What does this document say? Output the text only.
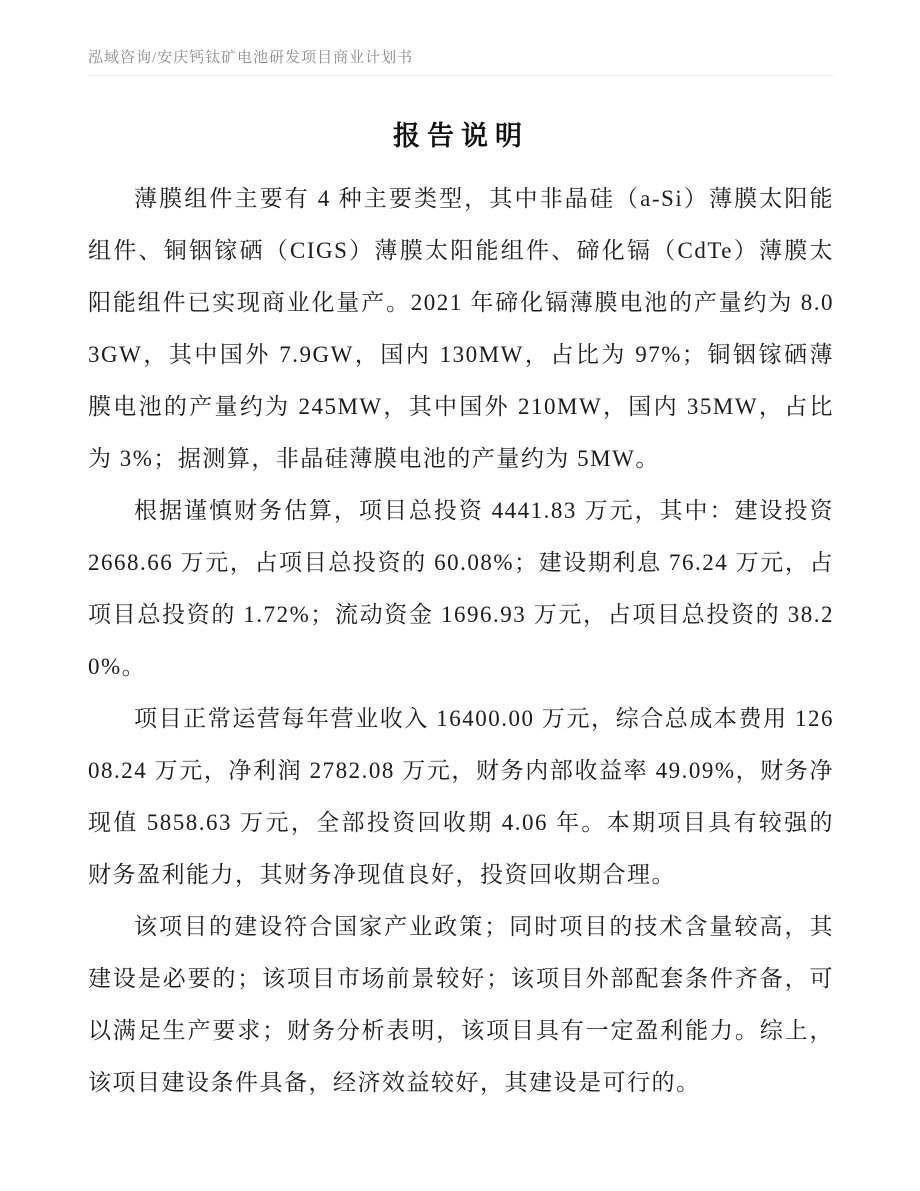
泓域咨询/安庆钙钛矿电池研发项目商业计划书
报告说明

薄膜组件主要有 4 种主要类型，其中非晶硅（a-Si）薄膜太阳能组件、铜铟镓硒（CIGS）薄膜太阳能组件、碲化镉（CdTe）薄膜太阳能组件已实现商业化量产。2021 年碲化镉薄膜电池的产量约为 8.03GW，其中国外 7.9GW，国内 130MW，占比为 97%；铜铟镓硒薄膜电池的产量约为 245MW，其中国外 210MW，国内 35MW，占比为 3%；据测算，非晶硅薄膜电池的产量约为 5MW。

根据谨慎财务估算，项目总投资 4441.83 万元，其中：建设投资 2668.66 万元，占项目总投资的 60.08%；建设期利息 76.24 万元，占项目总投资的 1.72%；流动资金 1696.93 万元，占项目总投资的 38.20%。

项目正常运营每年营业收入 16400.00 万元，综合总成本费用 12608.24 万元，净利润 2782.08 万元，财务内部收益率 49.09%，财务净现值 5858.63 万元，全部投资回收期 4.06 年。本期项目具有较强的财务盈利能力，其财务净现值良好，投资回收期合理。

该项目的建设符合国家产业政策；同时项目的技术含量较高，其建设是必要的；该项目市场前景较好；该项目外部配套条件齐备，可以满足生产要求；财务分析表明，该项目具有一定盈利能力。综上，该项目建设条件具备，经济效益较好，其建设是可行的。
